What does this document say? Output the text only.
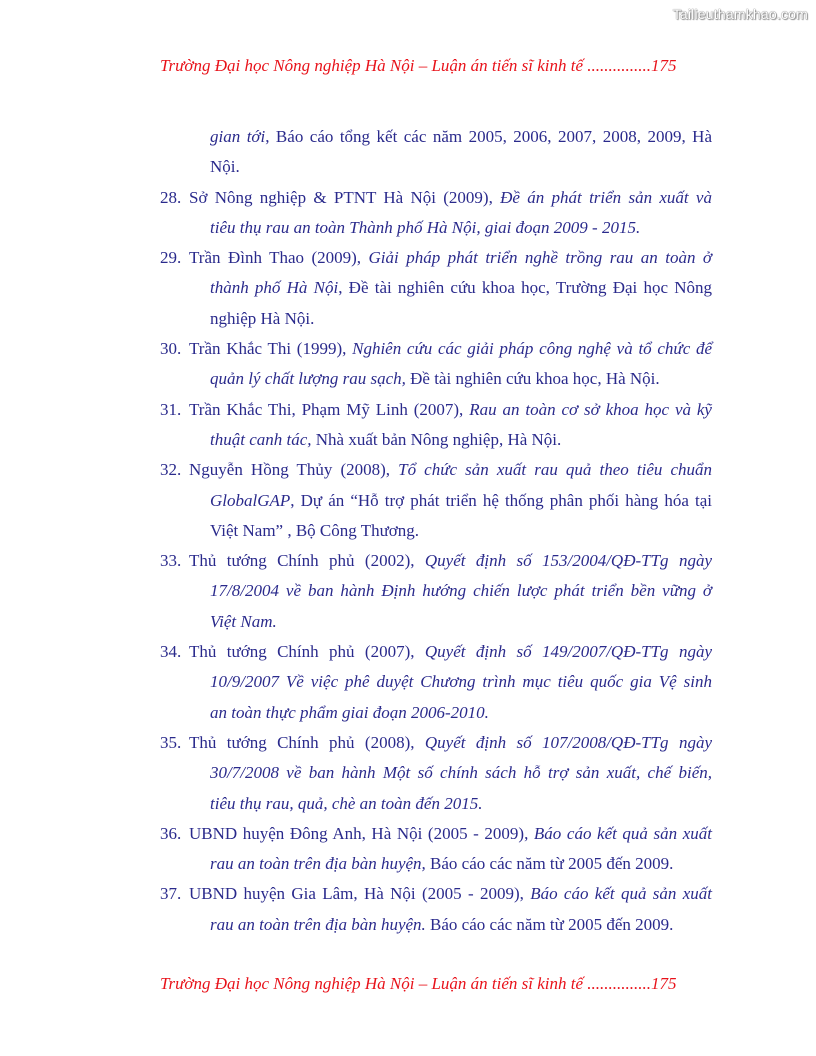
Tailieuthamkhao.com
Trường Đại học Nông nghiệp Hà Nội – Luận án tiến sĩ kinh tế ...............175

gian tới, Báo cáo tổng kết các năm 2005, 2006, 2007, 2008, 2009, Hà
Nội.

28. Sở Nông nghiệp & PTNT Hà Nội (2009), Đề án phát triển sản xuất và
tiêu thụ rau an toàn Thành phố Hà Nội, giai đoạn 2009 - 2015.

29. Trần Đình Thao (2009), Giải pháp phát triển nghề trồng rau an toàn ở
thành phố Hà Nội, Đề tài nghiên cứu khoa học, Trường Đại học Nông
nghiệp Hà Nội.

30. Trần Khắc Thi (1999), Nghiên cứu các giải pháp công nghệ và tổ chức để
quản lý chất lượng rau sạch, Đề tài nghiên cứu khoa học, Hà Nội.

31. Trần Khắc Thi, Phạm Mỹ Linh (2007), Rau an toàn cơ sở khoa học và kỹ
thuật canh tác, Nhà xuất bản Nông nghiệp, Hà Nội.

32. Nguyễn Hồng Thủy (2008), Tổ chức sản xuất rau quả theo tiêu chuẩn
GlobalGAP, Dự án “Hỗ trợ phát triển hệ thống phân phối hàng hóa tại
Việt Nam” , Bộ Công Thương.

33. Thủ tướng Chính phủ (2002), Quyết định số 153/2004/QĐ-TTg ngày
17/8/2004 về ban hành Định hướng chiến lược phát triển bền vững ở
Việt Nam.

34. Thủ tướng Chính phủ (2007), Quyết định số 149/2007/QĐ-TTg ngày
10/9/2007 Về việc phê duyệt Chương trình mục tiêu quốc gia Vệ sinh
an toàn thực phẩm giai đoạn 2006-2010.

35. Thủ tướng Chính phủ (2008), Quyết định số 107/2008/QĐ-TTg ngày
30/7/2008 về ban hành Một số chính sách hỗ trợ sản xuất, chế biến,
tiêu thụ rau, quả, chè an toàn đến 2015.

36. UBND huyện Đông Anh, Hà Nội (2005 - 2009), Báo cáo kết quả sản xuất
rau an toàn trên địa bàn huyện, Báo cáo các năm từ 2005 đến 2009.

37. UBND huyện Gia Lâm, Hà Nội (2005 - 2009), Báo cáo kết quả sản xuất
rau an toàn trên địa bàn huyện. Báo cáo các năm từ 2005 đến 2009.

Trường Đại học Nông nghiệp Hà Nội – Luận án tiến sĩ kinh tế ...............175
